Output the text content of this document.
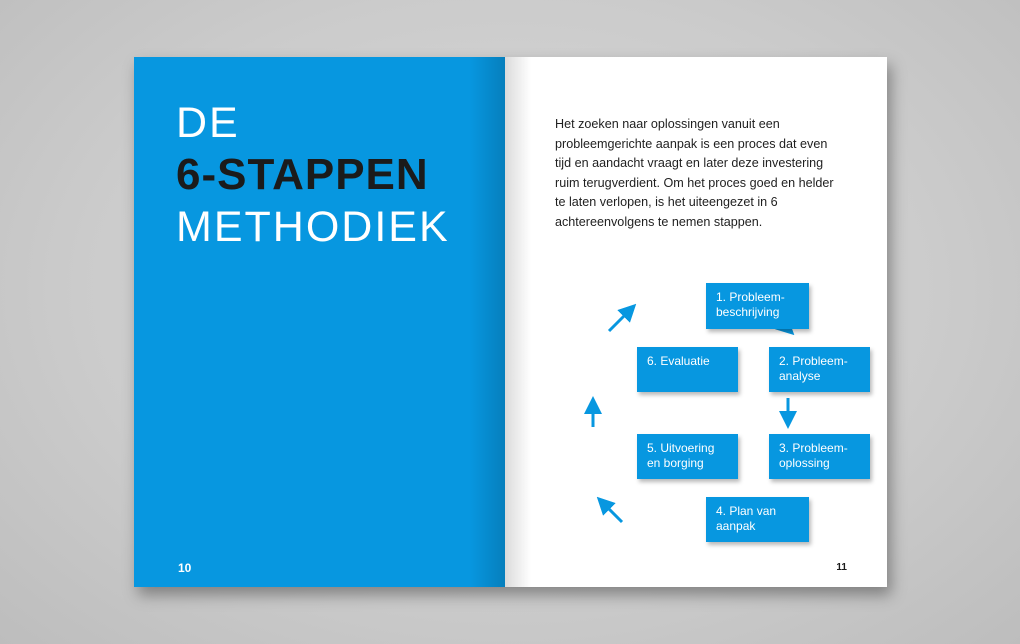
DE
6-STAPPEN
METHODIEK
10
Het zoeken naar oplossingen vanuit een probleemgerichte aanpak is een proces dat even tijd en aandacht vraagt en later deze investering ruim terugverdient. Om het proces goed en helder te laten verlopen, is het uiteengezet in 6 achtereenvolgens te nemen stappen.
1. Probleem-
beschrijving
2. Probleem-
analyse
3. Probleem-
oplossing
4. Plan van
aanpak
5. Uitvoering
en borging
6. Evaluatie
11
